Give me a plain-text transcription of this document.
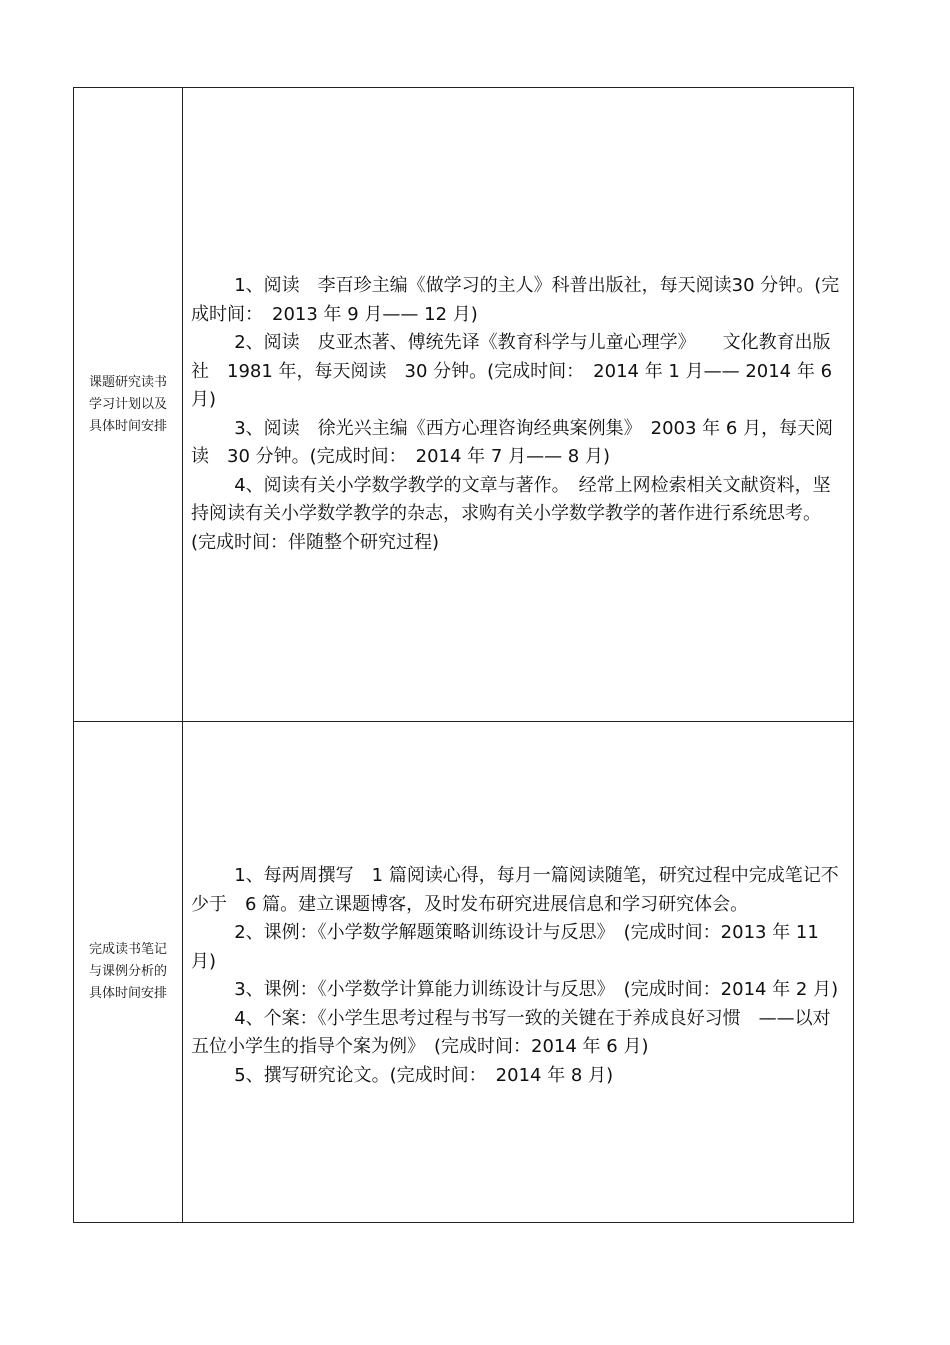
课题研究读书学习计划以及具体时间安排	1、阅读　李百珍主编《做学习的主人》科普出版社，每天阅读30 分钟。(完成时间：　2013 年 9 月—— 12 月)

2、阅读　皮亚杰著、傅统先译《教育科学与儿童心理学》　　文化教育出版社　1981 年，每天阅读　30 分钟。(完成时间：　2014 年 1 月—— 2014 年 6 月)

3、阅读　徐光兴主编《西方心理咨询经典案例集》　2003 年 6 月，每天阅读　30 分钟。(完成时间：　2014 年 7 月—— 8 月)

4、阅读有关小学数学教学的文章与著作。　经常上网检索相关文献资料，坚持阅读有关小学数学教学的杂志，求购有关小学数学教学的著作进行系统思考。　(完成时间：伴随整个研究过程)

完成读书笔记与课例分析的具体时间安排	1、每两周撰写　1 篇阅读心得，每月一篇阅读随笔，研究过程中完成笔记不少于　6 篇。建立课题博客，及时发布研究进展信息和学习研究体会。

2、课例：《小学数学解题策略训练设计与反思》　(完成时间：2013 年 11 月)

3、课例：《小学数学计算能力训练设计与反思》　(完成时间：2014 年 2 月)

4、个案：《小学生思考过程与书写一致的关键在于养成良好习惯　——以对五位小学生的指导个案为例》　(完成时间：2014 年 6 月)

5、撰写研究论文。(完成时间：　2014 年 8 月)
